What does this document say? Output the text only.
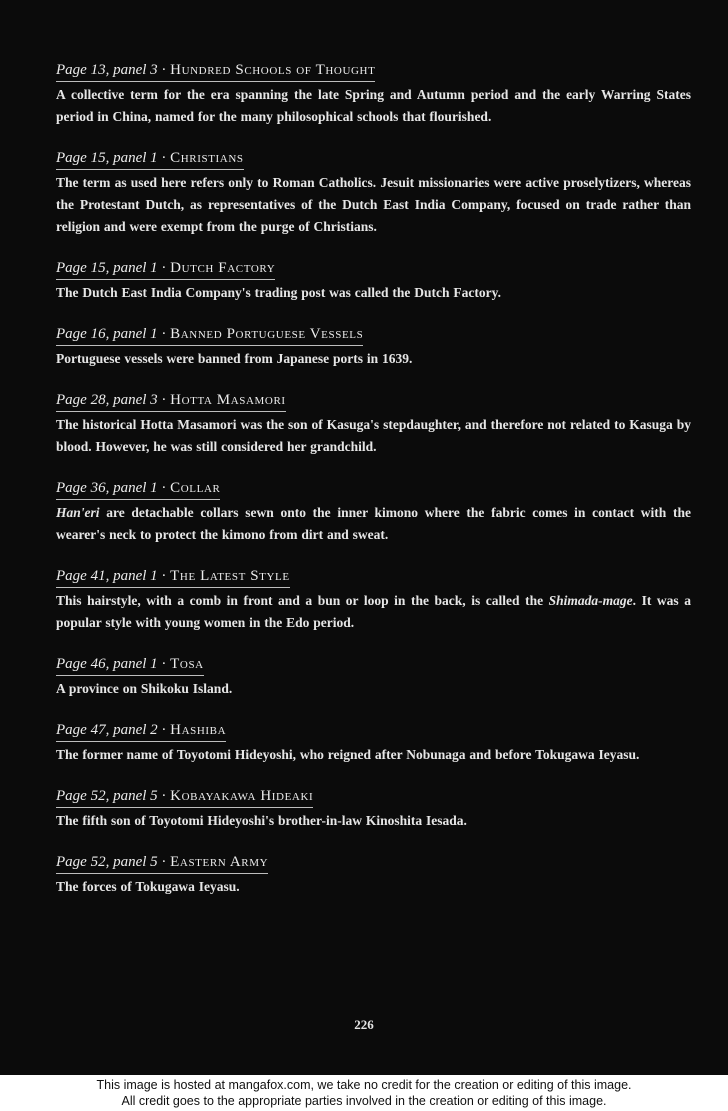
Page 13, panel 3 · Hundred Schools of Thought
A collective term for the era spanning the late Spring and Autumn period and the early Warring States period in China, named for the many philosophical schools that flourished.
Page 15, panel 1 · Christians
The term as used here refers only to Roman Catholics. Jesuit missionaries were active proselytizers, whereas the Protestant Dutch, as representatives of the Dutch East India Company, focused on trade rather than religion and were exempt from the purge of Christians.
Page 15, panel 1 · Dutch Factory
The Dutch East India Company's trading post was called the Dutch Factory.
Page 16, panel 1 · Banned Portuguese Vessels
Portuguese vessels were banned from Japanese ports in 1639.
Page 28, panel 3 · Hotta Masamori
The historical Hotta Masamori was the son of Kasuga's stepdaughter, and therefore not related to Kasuga by blood. However, he was still considered her grandchild.
Page 36, panel 1 · Collar
Han'eri are detachable collars sewn onto the inner kimono where the fabric comes in contact with the wearer's neck to protect the kimono from dirt and sweat.
Page 41, panel 1 · The Latest Style
This hairstyle, with a comb in front and a bun or loop in the back, is called the Shimada-mage. It was a popular style with young women in the Edo period.
Page 46, panel 1 · Tosa
A province on Shikoku Island.
Page 47, panel 2 · Hashiba
The former name of Toyotomi Hideyoshi, who reigned after Nobunaga and before Tokugawa Ieyasu.
Page 52, panel 5 · Kobayakawa Hideaki
The fifth son of Toyotomi Hideyoshi's brother-in-law Kinoshita Iesada.
Page 52, panel 5 · Eastern Army
The forces of Tokugawa Ieyasu.
226
This image is hosted at mangafox.com, we take no credit for the creation or editing of this image.
All credit goes to the appropriate parties involved in the creation or editing of this image.
